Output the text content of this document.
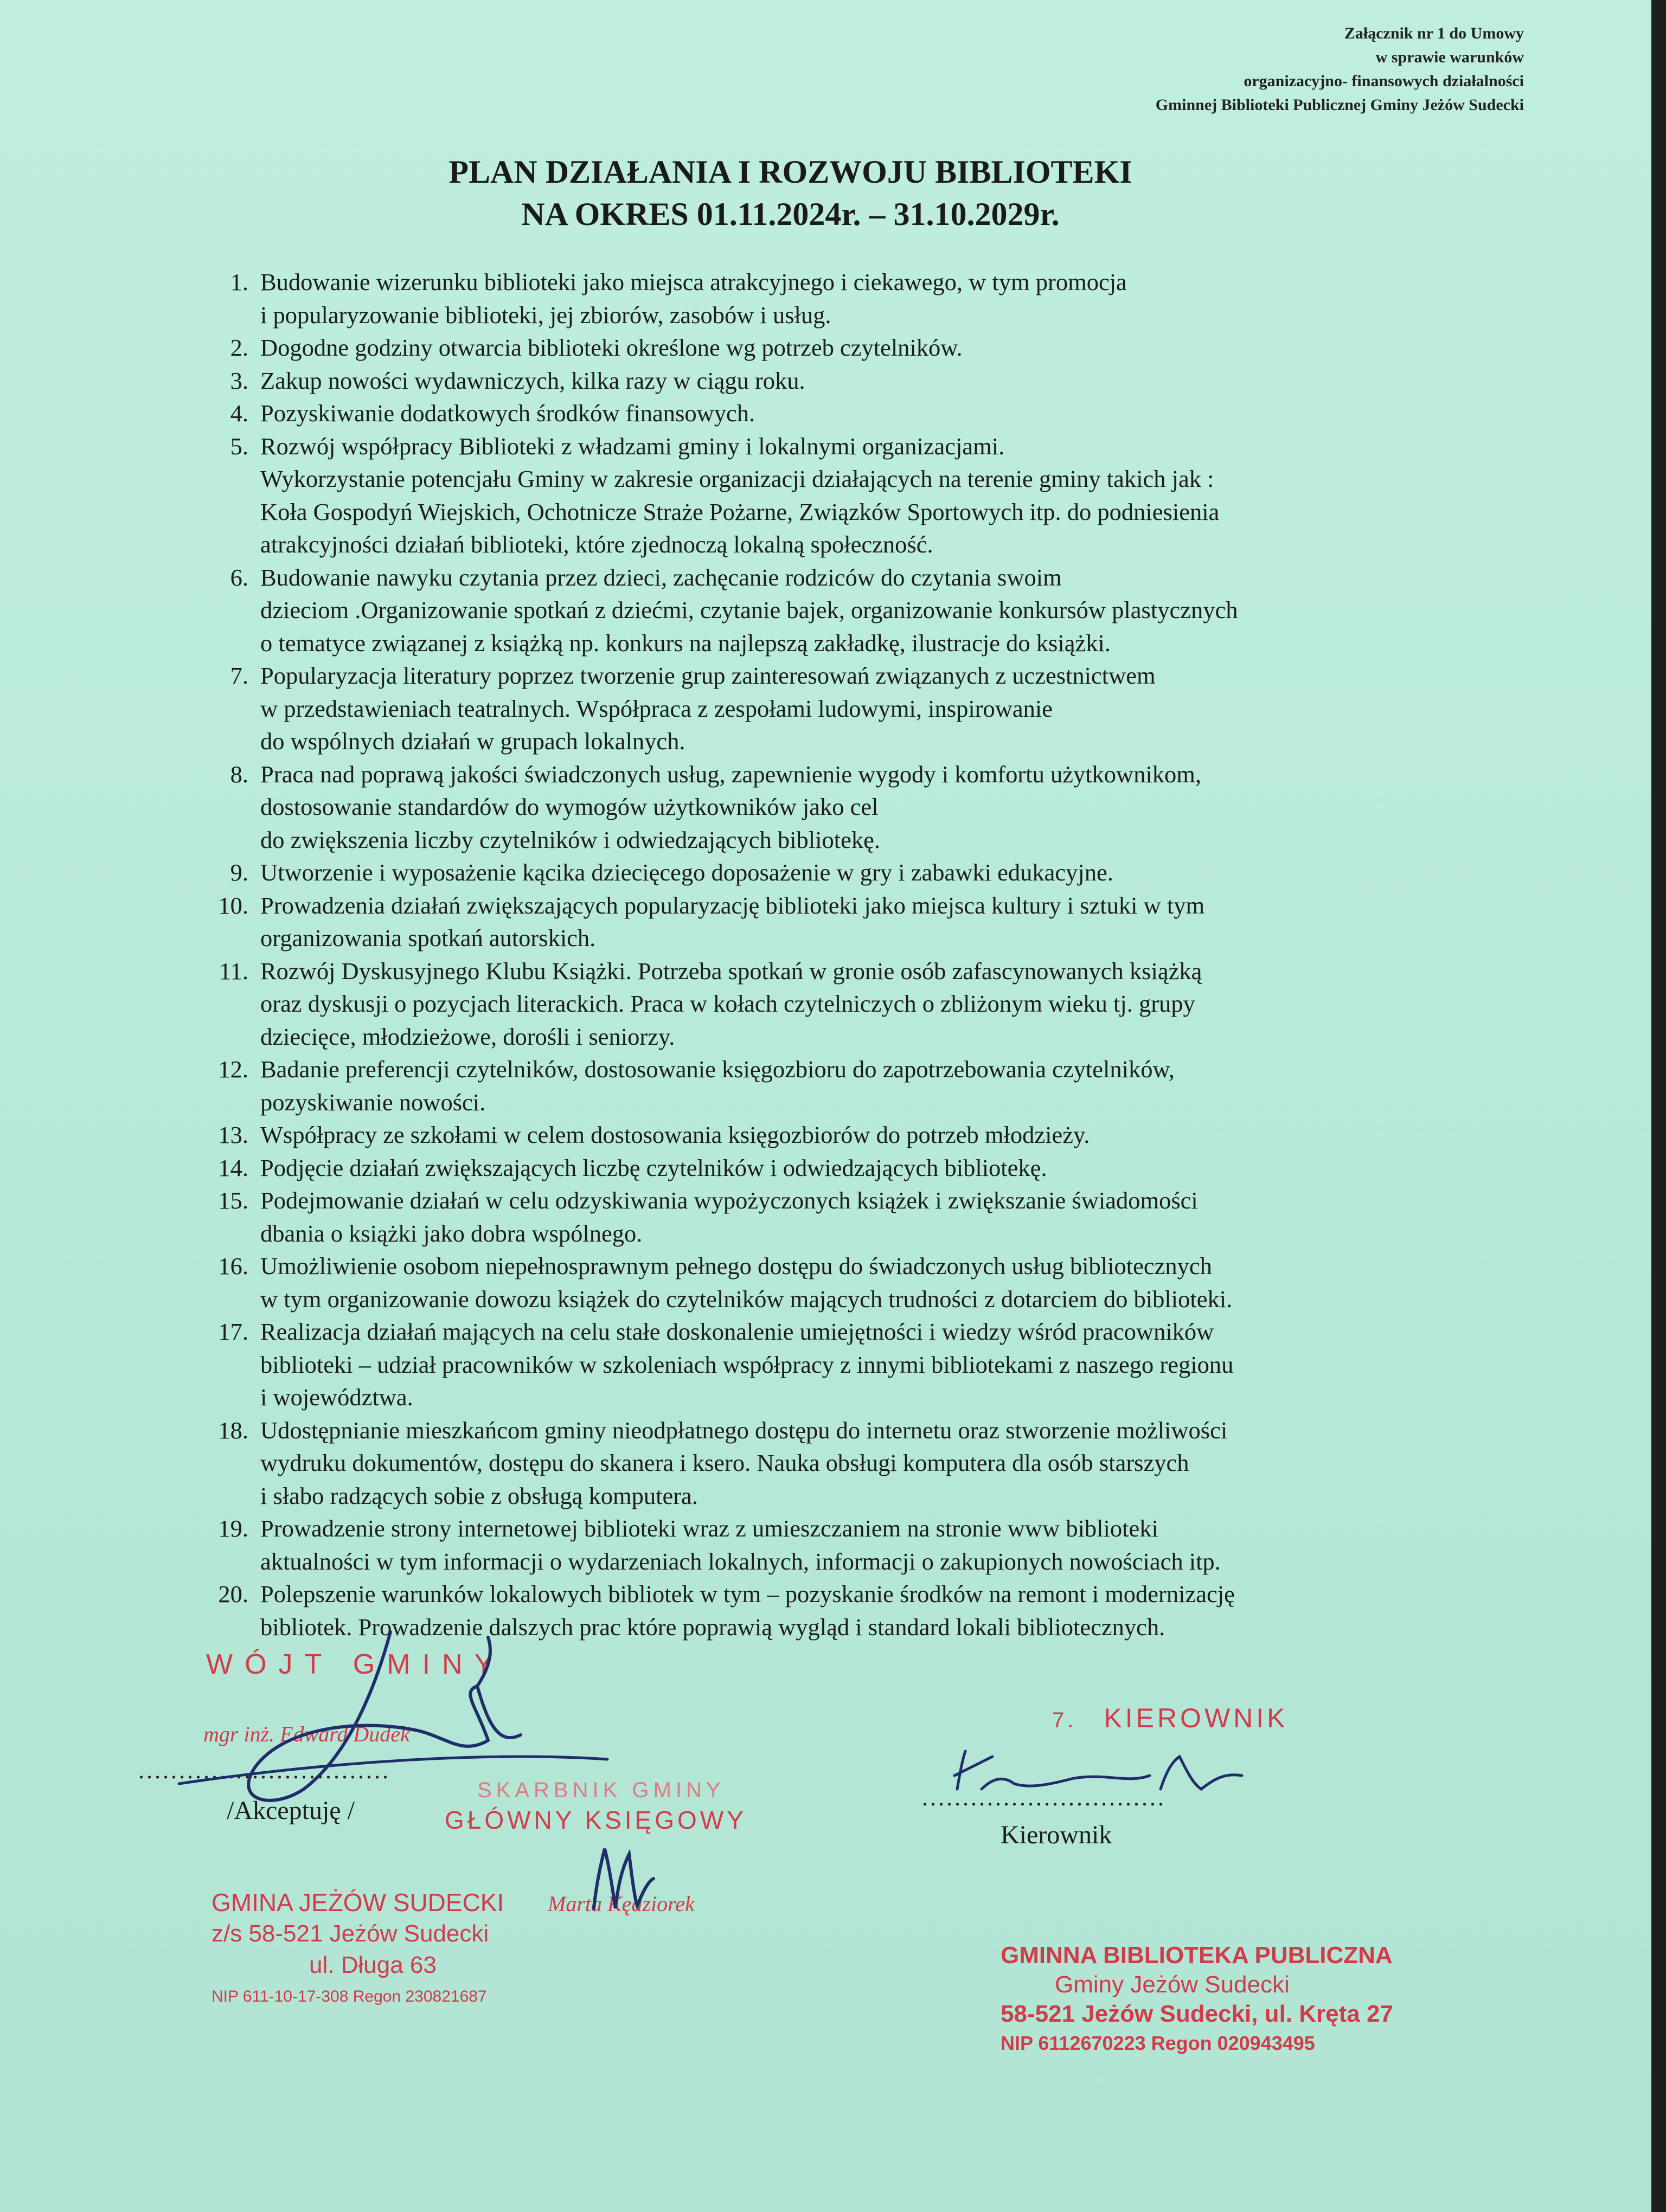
Załącznik nr 1 do Umowy
w sprawie warunków
organizacyjno- finansowych działalności
Gminnej Biblioteki Publicznej Gminy Jeżów Sudecki
PLAN DZIAŁANIA I ROZWOJU BIBLIOTEKI
NA OKRES 01.11.2024r. – 31.10.2029r.
1. Budowanie wizerunku biblioteki jako miejsca atrakcyjnego i ciekawego, w tym promocja
i popularyzowanie biblioteki, jej zbiorów, zasobów i usług.
2. Dogodne godziny otwarcia biblioteki określone wg potrzeb czytelników.
3. Zakup nowości wydawniczych, kilka razy w ciągu roku.
4. Pozyskiwanie dodatkowych środków finansowych.
5. Rozwój współpracy Biblioteki z władzami gminy i lokalnymi organizacjami.
Wykorzystanie potencjału Gminy w zakresie organizacji działających na terenie gminy takich jak :
Koła Gospodyń Wiejskich, Ochotnicze Straże Pożarne, Związków Sportowych itp. do podniesienia
atrakcyjności działań biblioteki, które zjednoczą lokalną społeczność.
6. Budowanie nawyku czytania przez dzieci, zachęcanie rodziców do czytania swoim
dzieciom .Organizowanie spotkań z dziećmi, czytanie bajek, organizowanie konkursów plastycznych
o tematyce związanej z książką np. konkurs na najlepszą zakładkę, ilustracje do książki.
7. Popularyzacja literatury poprzez tworzenie grup zainteresowań związanych z uczestnictwem
w przedstawieniach teatralnych. Współpraca z zespołami ludowymi, inspirowanie
do wspólnych działań w grupach lokalnych.
8. Praca nad poprawą jakości świadczonych usług, zapewnienie wygody i komfortu użytkownikom,
dostosowanie standardów do wymogów użytkowników jako cel
do zwiększenia liczby czytelników i odwiedzających bibliotekę.
9. Utworzenie i wyposażenie kącika dziecięcego doposażenie w gry i zabawki edukacyjne.
10. Prowadzenia działań zwiększających popularyzację biblioteki jako miejsca kultury i sztuki w tym
organizowania spotkań autorskich.
11. Rozwój Dyskusyjnego Klubu Książki. Potrzeba spotkań w gronie osób zafascynowanych książką
oraz dyskusji o pozycjach literackich. Praca w kołach czytelniczych o zbliżonym wieku tj. grupy
dziecięce, młodzieżowe, dorośli i seniorzy.
12. Badanie preferencji czytelników, dostosowanie księgozbioru do zapotrzebowania czytelników,
pozyskiwanie nowości.
13. Współpracy ze szkołami w celem dostosowania księgozbiorów do potrzeb młodzieży.
14. Podjęcie działań zwiększających liczbę czytelników i odwiedzających bibliotekę.
15. Podejmowanie działań w celu odzyskiwania wypożyczonych książek i zwiększanie świadomości
dbania o książki jako dobra wspólnego.
16. Umożliwienie osobom niepełnosprawnym pełnego dostępu do świadczonych usług bibliotecznych
w tym organizowanie dowozu książek do czytelników mających trudności z dotarciem do biblioteki.
17. Realizacja działań mających na celu stałe doskonalenie umiejętności i wiedzy wśród pracowników
biblioteki – udział pracowników w szkoleniach współpracy z innymi bibliotekami z naszego regionu
i województwa.
18. Udostępnianie mieszkańcom gminy nieodpłatnego dostępu do internetu oraz stworzenie możliwości
wydruku dokumentów, dostępu do skanera i ksero. Nauka obsługi komputera dla osób starszych
i słabo radzących sobie z obsługą komputera.
19. Prowadzenie strony internetowej biblioteki wraz z umieszczaniem na stronie www biblioteki
aktualności w tym informacji o wydarzeniach lokalnych, informacji o zakupionych nowościach itp.
20. Polepszenie warunków lokalowych bibliotek w tym – pozyskanie środków na remont i modernizację
bibliotek. Prowadzenie dalszych prac które poprawią wygląd i standard lokali bibliotecznych.
WÓJT GMINY
mgr inż. Edward Dudek
...............................
/Akceptuję /
SKARBNIK GMINY
GŁÓWNY KSIĘGOWY
7. KIEROWNIK
..............................
Kierownik
GMINA JEŻÓW SUDECKI
z/s 58-521 Jeżów Sudecki
ul. Długa 63
NIP 611-10-17-308 Regon 230821687
Marta Kędziorek
GMINNA BIBLIOTEKA PUBLICZNA
Gminy Jeżów Sudecki
58-521 Jeżów Sudecki, ul. Kręta 27
NIP 6112670223 Regon 020943495
